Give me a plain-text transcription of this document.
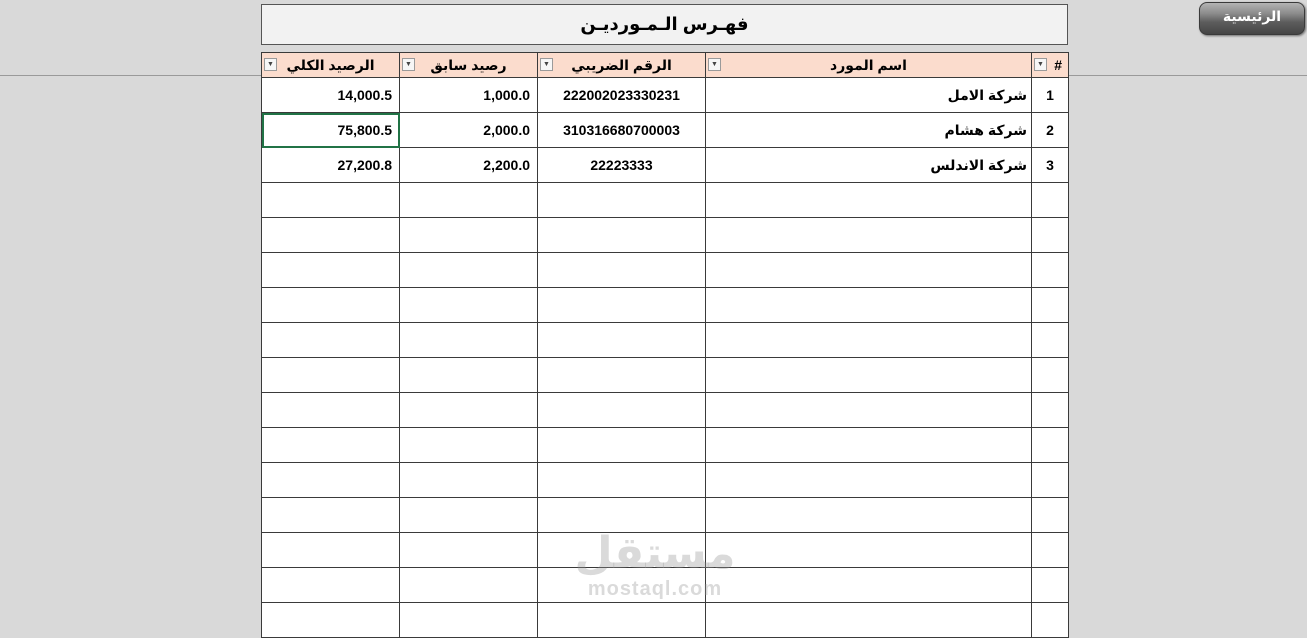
الرئيسية
فهـرس الـمـورديـن
▼ الرصيد الكلي	▼ رصيد سابق	▼ الرقم الضريبي	▼ اسم المورد	▼ #

14,000.5	1,000.0	222002023330231	شركة الامل	1
75,800.5	2,000.0	310316680700003	شركة هشام	2
27,200.8	2,200.0	22223333	شركة الاندلس	3

مستقل
mostaql.com
